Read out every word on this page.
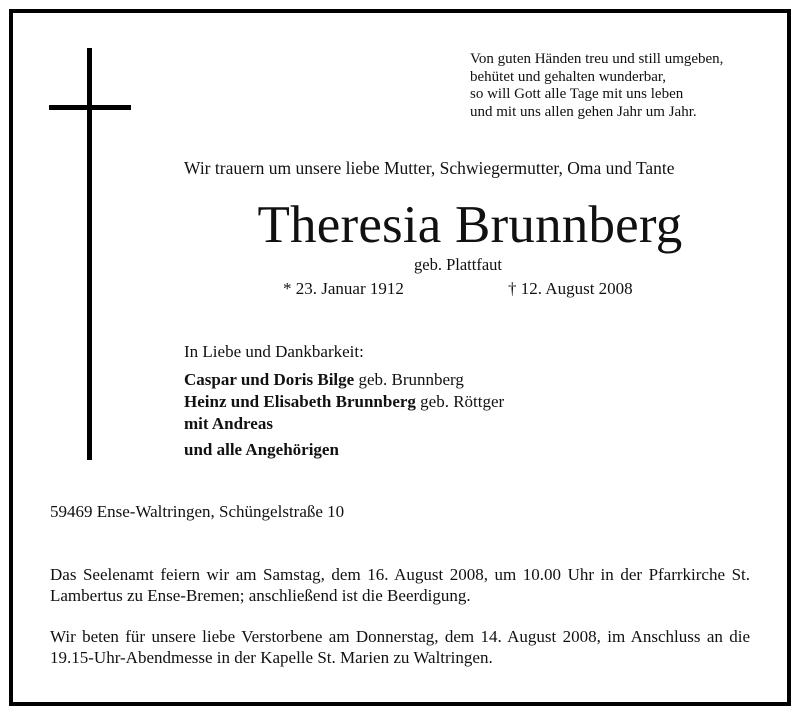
Von guten Händen treu und still umgeben,
behütet und gehalten wunderbar,
so will Gott alle Tage mit uns leben
und mit uns allen gehen Jahr um Jahr.
Wir trauern um unsere liebe Mutter, Schwiegermutter, Oma und Tante
Theresia Brunnberg
geb. Plattfaut
* 23. Januar 1912	† 12. August 2008
In Liebe und Dankbarkeit:
Caspar und Doris Bilge geb. Brunnberg
Heinz und Elisabeth Brunnberg geb. Röttger
mit Andreas
und alle Angehörigen
59469 Ense-Waltringen, Schüngelstraße 10
Das Seelenamt feiern wir am Samstag, dem 16. August 2008, um 10.00 Uhr in der Pfarrkirche St. Lambertus zu Ense-Bremen; anschließend ist die Beerdigung.
Wir beten für unsere liebe Verstorbene am Donnerstag, dem 14. August 2008, im Anschluss an die 19.15-Uhr-Abendmesse in der Kapelle St. Marien zu Waltringen.
